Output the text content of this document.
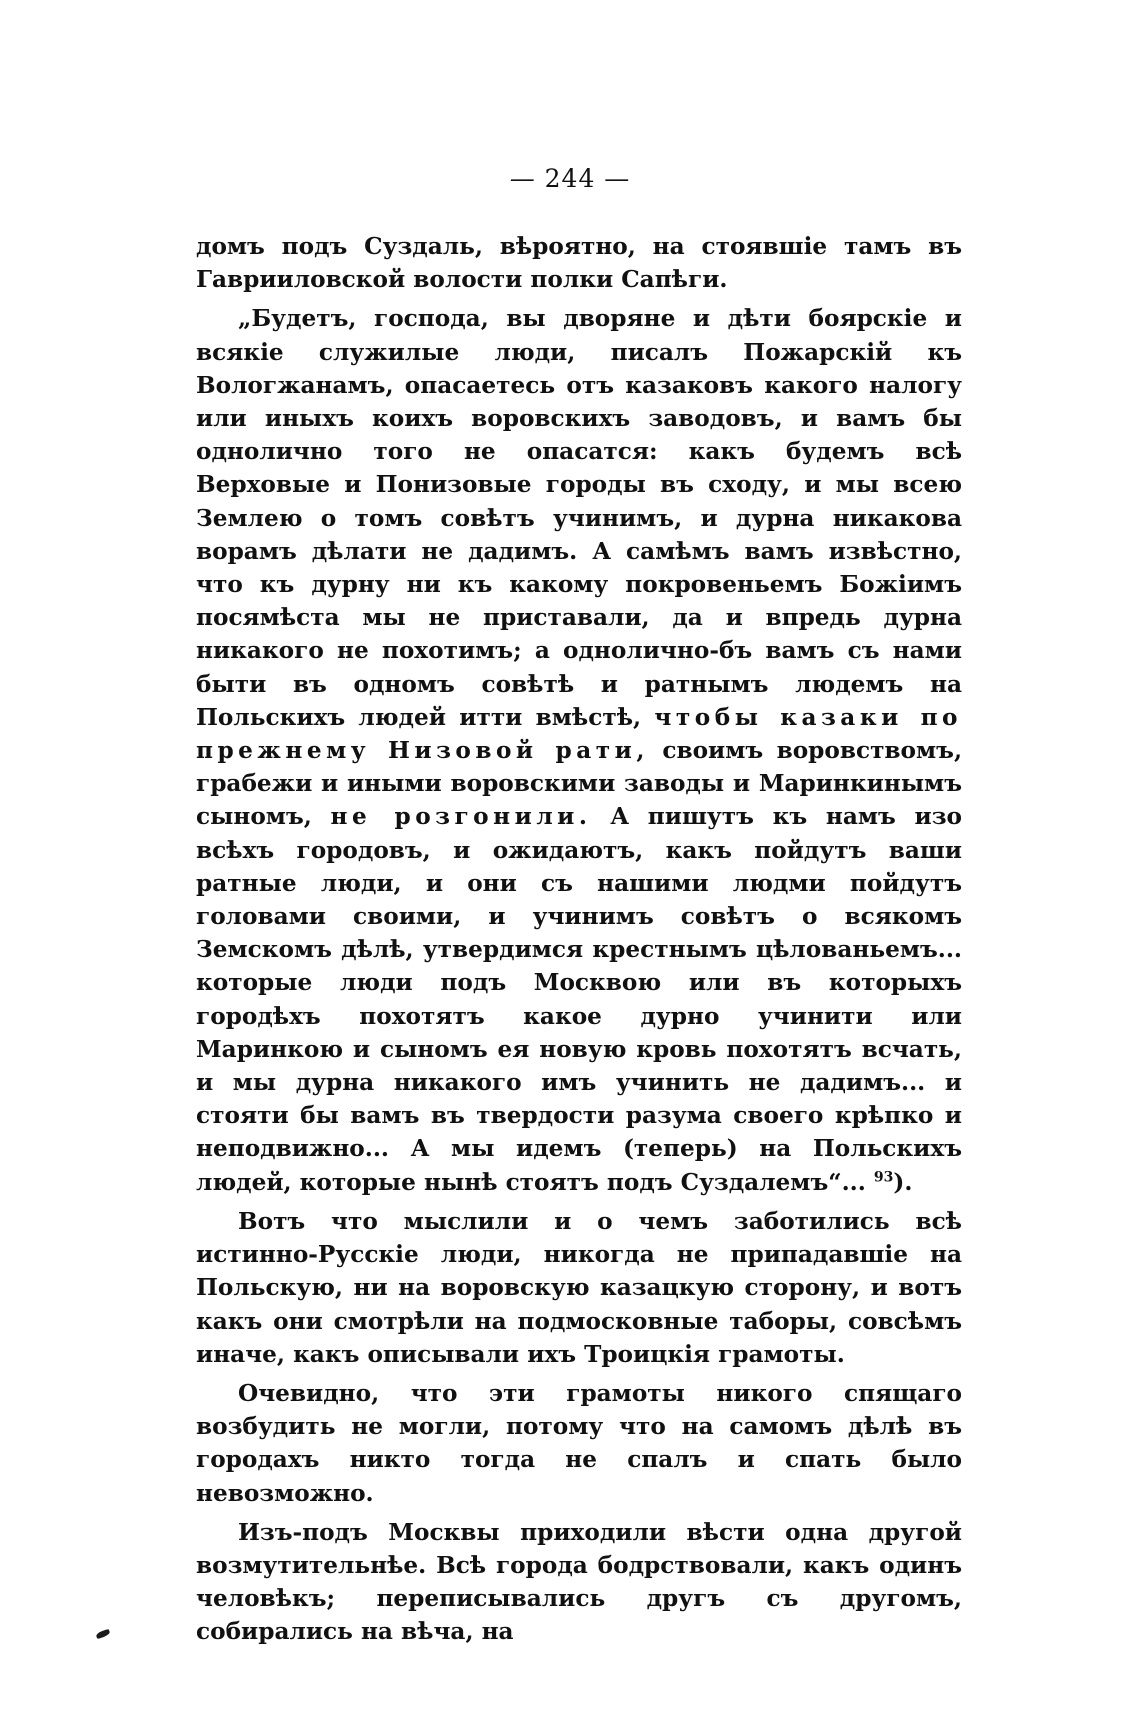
— 244 —

домъ подъ Суздаль, вѣроятно, на стоявшіе тамъ въ Гаврииловской волости полки Сапѣги.

„Будетъ, господа, вы дворяне и дѣти боярскіе и всякіе служилые люди, писалъ Пожарскій къ Вологжанамъ, опасаетесь отъ казаковъ какого налогу или иныхъ коихъ воровскихъ заводовъ, и вамъ бы однолично того не опасатся: какъ будемъ всѣ Верховые и Понизовые городы въ сходу, и мы всею Землею о томъ совѣтъ учинимъ, и дурна никакова ворамъ дѣлати не дадимъ. А самѣмъ вамъ извѣстно, что къ дурну ни къ какому покровеньемъ Божіимъ посямѣста мы не приставали, да и впредь дурна никакого не похотимъ; а однолично-бъ вамъ съ нами быти въ одномъ совѣтѣ и ратнымъ людемъ на Польскихъ людей итти вмѣстѣ, чтобы казаки по прежнему Низовой рати, своимъ воровствомъ, грабежи и иными воровскими заводы и Маринкинымъ сыномъ, не розгонили. А пишутъ къ намъ изо всѣхъ городовъ, и ожидаютъ, какъ пойдутъ ваши ратные люди, и они съ нашими людми пойдутъ головами своими, и учинимъ совѣтъ о всякомъ Земскомъ дѣлѣ, утвердимся крестнымъ цѣлованьемъ... которые люди подъ Москвою или въ которыхъ городѣхъ похотятъ какое дурно учинити или Маринкою и сыномъ ея новую кровь похотятъ всчать, и мы дурна никакого имъ учинить не дадимъ... и стояти бы вамъ въ твердости разума своего крѣпко и неподвижно... А мы идемъ (теперь) на Польскихъ людей, которые нынѣ стоятъ подъ Суздалемъ“... $^{93}$).

Вотъ что мыслили и о чемъ заботились всѣ истинно-Русскіе люди, никогда не припадавшіе на Польскую, ни на воровскую казацкую сторону, и вотъ какъ они смотрѣли на подмосковные таборы, совсѣмъ иначе, какъ описывали ихъ Троицкія грамоты.

Очевидно, что эти грамоты никого спящаго возбудить не могли, потому что на самомъ дѣлѣ въ городахъ никто тогда не спалъ и спать было невозможно.

Изъ-подъ Москвы приходили вѣсти одна другой возмутительнѣе. Всѣ города бодрствовали, какъ одинъ человѣкъ; переписывались другъ съ другомъ, собирались на вѣча, на
